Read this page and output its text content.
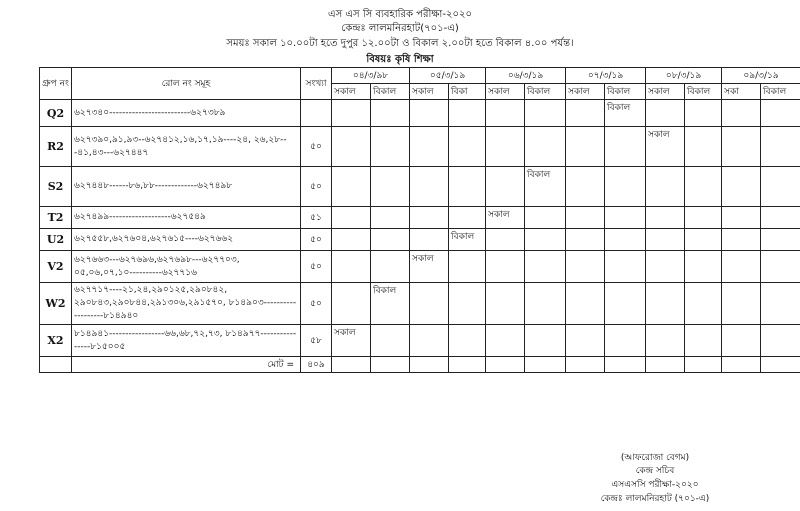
এস এস সি ব্যবহারিক পরীক্ষা-২০২০
কেন্দ্রঃ লালমনিরহাট(৭০১-এ)
সময়ঃ সকাল ১০.০০টা হতে দুপুর ১২.০০টা ও বিকাল ২.০০টা হতে বিকাল ৪.০০ পর্যন্ত।
বিষয়ঃ কৃষি শিক্ষা
গ্রুপ নং	রোল নং সমূহ	সংখ্যা	০৪/৩/৯৮		০৫/৩/১৯		০৬/৩/১৯		০৭/৩/১৯		০৮/৩/১৯		০৯/৩/১৯	
			সকাল	বিকাল	সকাল	বিকা	সকাল	বিকাল	সকাল	বিকাল	সকাল	বিকাল	সকা	বিকাল
Q2	৬২৭৩৪০-------------------------৬২৭৩৮৯									বিকাল				
R2	৬২৭৩৯০,৯১,৯৩--৬২৭৪১২,১৬,১৭,১৯----২৪, ২৬,২৮---৪১,৪৩---৬২৭৪৪৭	৫০									সকাল			
S2	৬২৭৪৪৮------৮৬,৮৮-------------৬২৭৪৯৮	৫০						বিকাল						
T2	৬২৭৪৯৯-------------------৬২৭৫৪৯	৫১					সকাল							
U2	৬২৭৫৫৮,৬২৭৬০৪,৬২৭৬১৫----৬২৭৬৬২	৫০				বিকাল								
V2	৬২৭৬৬৩---৬২৭৬৯৬,৬২৭৬৯৮---৬২৭৭০৩, ০৫,০৬,০৭,১০----------৬২৭৭১৬	৫০			সকাল									
W2	৬২৭৭১৭----২১,২৪,২৯০১২৫,২৯০৮৪২, ২৯০৮৪৩,২৯০৮৪৪,২৯১৩০৬,২৯১৫৭০, ৮১৪৯০৩-------------------৮১৪৯৪০	৫০		বিকাল										
X2	৮১৪৯৪১-----------------৬৬,৬৮,৭২,৭৩, ৮১৪৯৭৭----------------৮১৫০০৫	৫৮	সকাল											
	মোট =	৪০৯												
(আফরোজা বেগম)
কেন্দ্র সচিব
এসএসসি পরীক্ষা-২০২০
কেন্দ্রঃ লালমনিরহাট (৭০১-এ)
